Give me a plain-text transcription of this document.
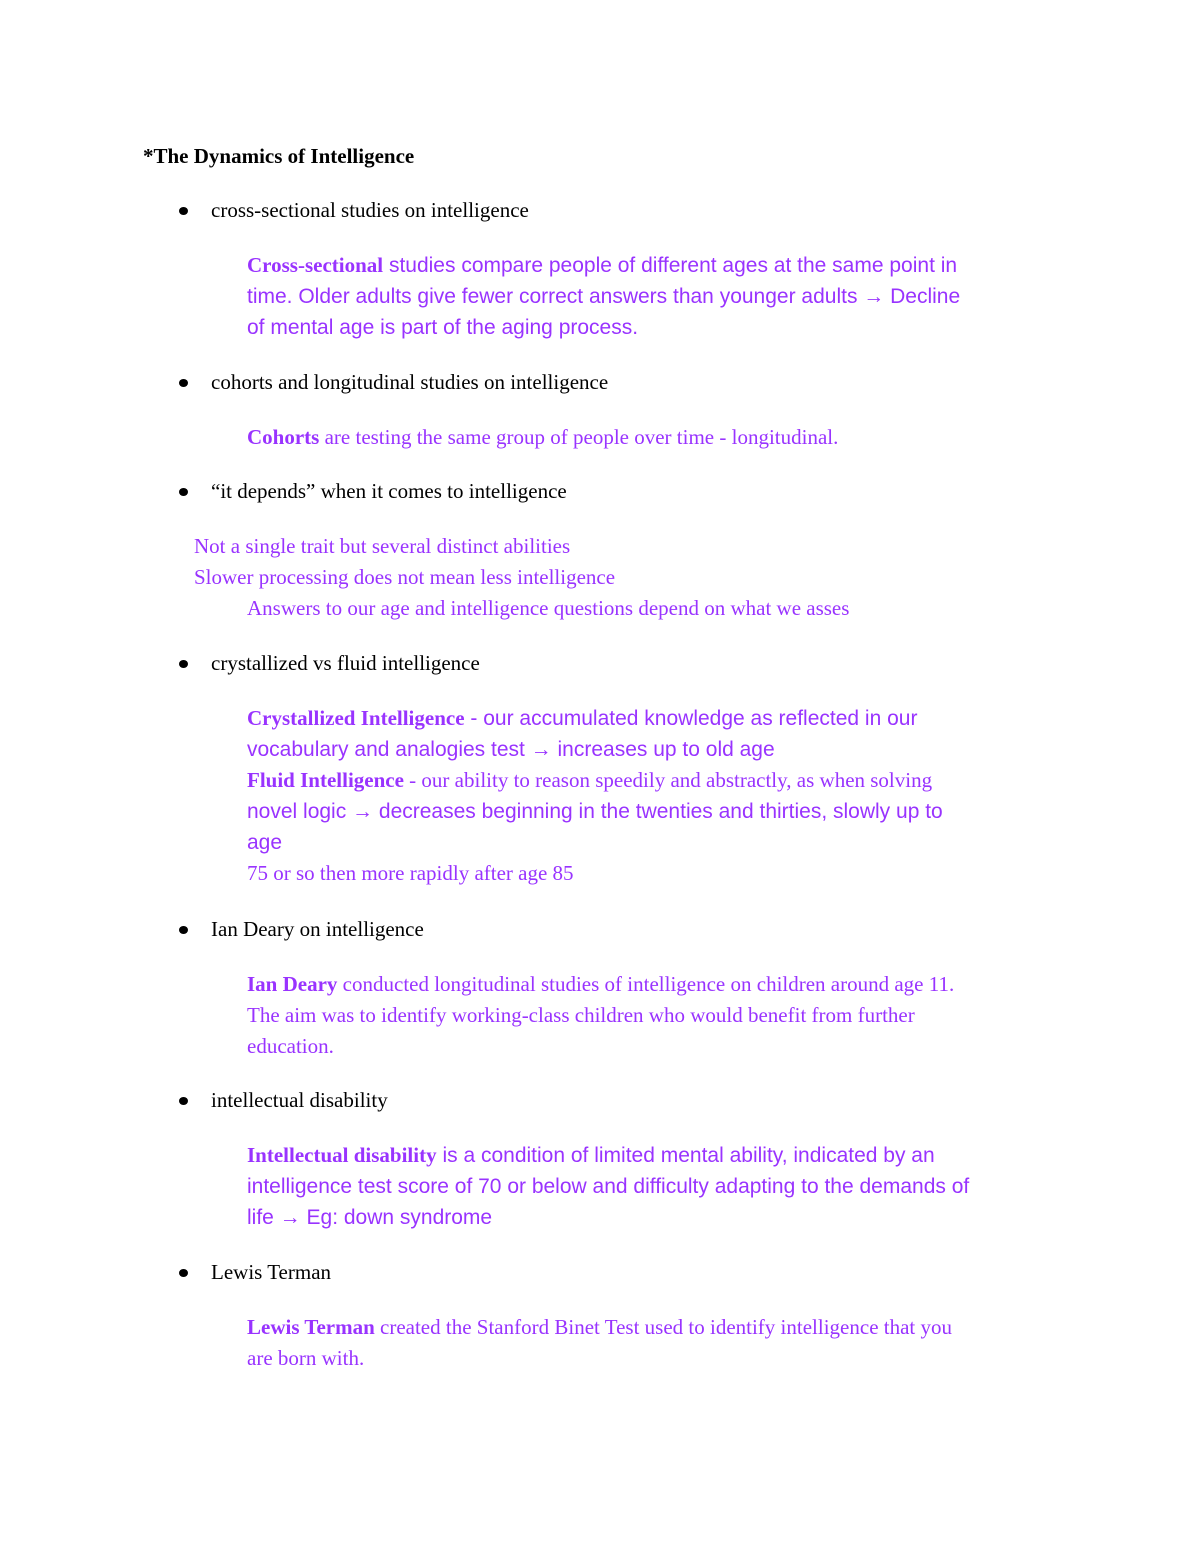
*The Dynamics of Intelligence
cross-sectional studies on intelligence
Cross-sectional studies compare people of different ages at the same point in
time. Older adults give fewer correct answers than younger adults → Decline
of mental age is part of the aging process.
cohorts and longitudinal studies on intelligence
Cohorts are testing the same group of people over time - longitudinal.
“it depends” when it comes to intelligence
Not a single trait but several distinct abilities
Slower processing does not mean less intelligence
Answers to our age and intelligence questions depend on what we asses
crystallized vs fluid intelligence
Crystallized Intelligence - our accumulated knowledge as reflected in our
vocabulary and analogies test → increases up to old age
Fluid Intelligence - our ability to reason speedily and abstractly, as when solving
novel logic → decreases beginning in the twenties and thirties, slowly up to
age
75 or so then more rapidly after age 85
Ian Deary on intelligence
Ian Deary conducted longitudinal studies of intelligence on children around age 11.
The aim was to identify working-class children who would benefit from further
education.
intellectual disability
Intellectual disability is a condition of limited mental ability, indicated by an
intelligence test score of 70 or below and difficulty adapting to the demands of
life → Eg: down syndrome
Lewis Terman
Lewis Terman created the Stanford Binet Test used to identify intelligence that you
are born with.
